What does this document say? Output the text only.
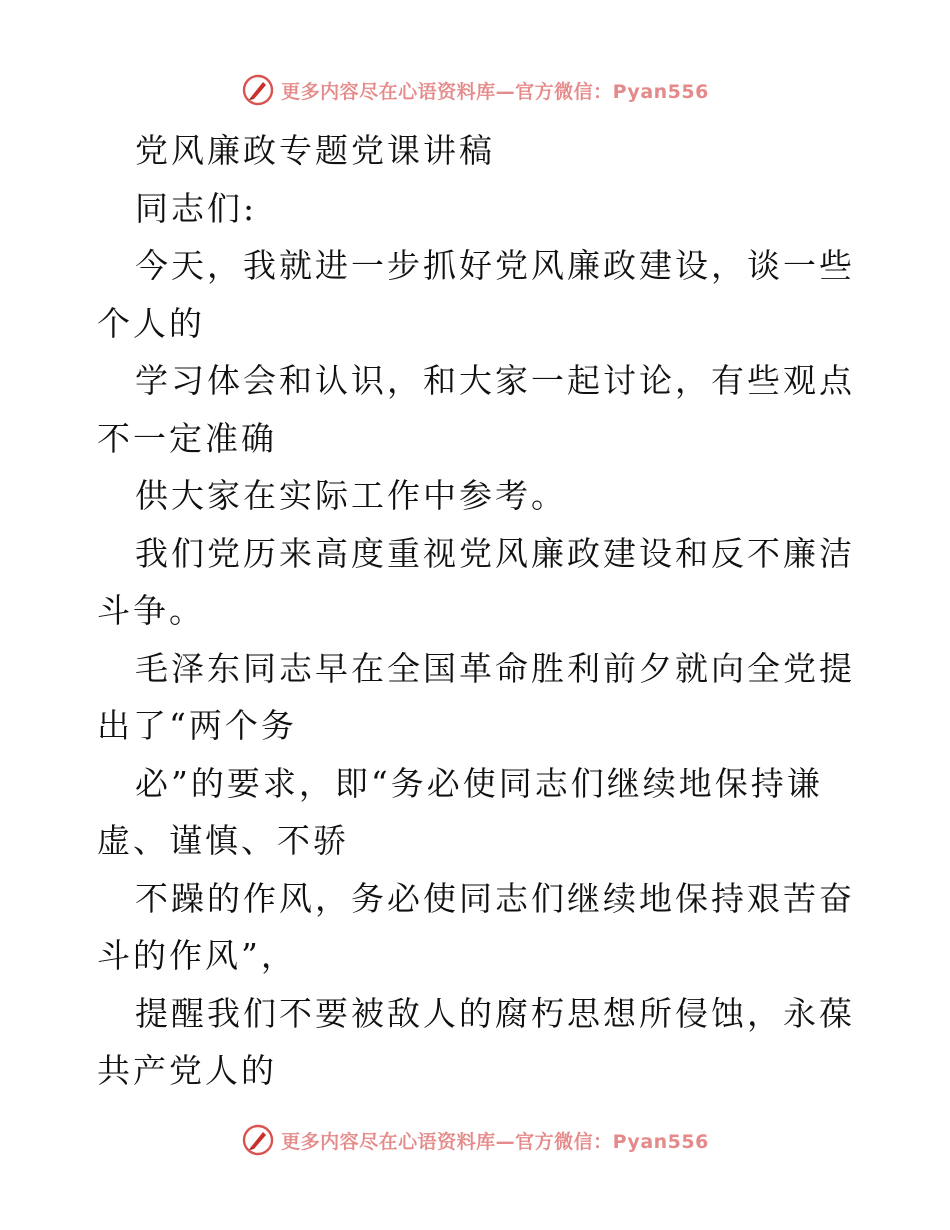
更多内容尽在心语资料库—官方微信：Pyan556

党风廉政专题党课讲稿

同志们:

今天，我就进一步抓好党风廉政建设，谈一些个人的

学习体会和认识，和大家一起讨论，有些观点不一定准确

供大家在实际工作中参考。

我们党历来高度重视党风廉政建设和反不廉洁斗争。

毛泽东同志早在全国革命胜利前夕就向全党提出了“两个务

必”的要求，即“务必使同志们继续地保持谦虚、谨慎、不骄

不躁的作风，务必使同志们继续地保持艰苦奋斗的作风”，

提醒我们不要被敌人的腐朽思想所侵蚀，永葆共产党人的

更多内容尽在心语资料库—官方微信：Pyan556
